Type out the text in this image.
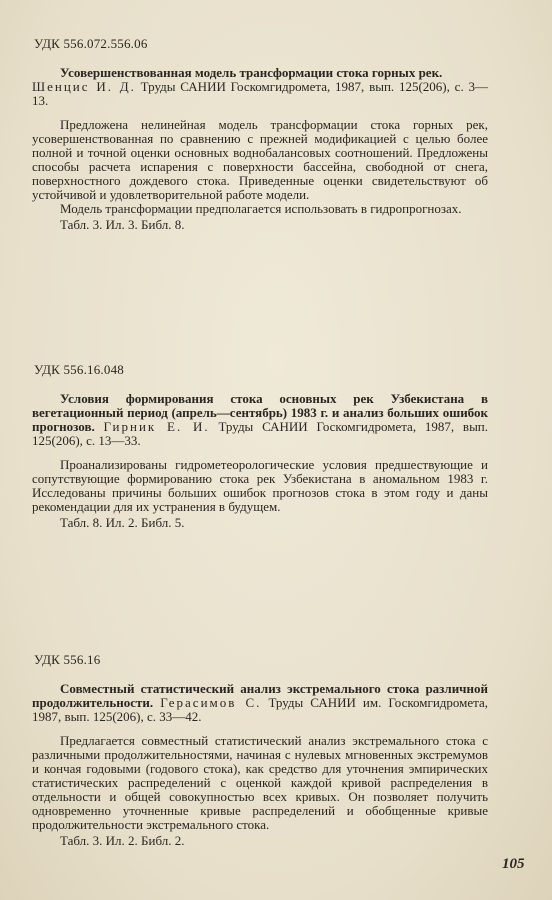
УДК 556.072.556.06

Усовершенствованная модель трансформации стока горных рек.

Шенцис И. Д. Труды САНИИ Госкомгидромета, 1987, вып. 125(206), с. 3—13.

Предложена нелинейная модель трансформации стока горных рек, усовершенствованная по сравнению с прежней модификацией с целью более полной и точной оценки основных воднобалансовых соотношений. Предложены способы расчета испарения с поверхности бассейна, свободной от снега, поверхностного дождевого стока. Приведенные оценки свидетельствуют об устойчивой и удовлетворительной работе модели.

Модель трансформации предполагается использовать в гидропрогнозах.

Табл. 3. Ил. 3. Библ. 8.

УДК 556.16.048

Условия формирования стока основных рек Узбекистана в вегетационный период (апрель—сентябрь) 1983 г. и анализ больших ошибок прогнозов. Гирник Е. И. Труды САНИИ Госкомгидромета, 1987, вып. 125(206), с. 13—33.

Проанализированы гидрометеорологические условия предшествующие и сопутствующие формированию стока рек Узбекистана в аномальном 1983 г. Исследованы причины больших ошибок прогнозов стока в этом году и даны рекомендации для их устранения в будущем.

Табл. 8. Ил. 2. Библ. 5.

УДК 556.16

Совместный статистический анализ экстремального стока различной продолжительности. Герасимов С. Труды САНИИ им. Госкомгидромета, 1987, вып. 125(206), с. 33—42.

Предлагается совместный статистический анализ экстремального стока с различными продолжительностями, начиная с нулевых мгновенных экстремумов и кончая годовыми (годового стока), как средство для уточнения эмпирических статистических распределений с оценкой каждой кривой распределения в отдельности и общей совокупностью всех кривых. Он позволяет получить одновременно уточненные кривые распределений и обобщенные кривые продолжительности экстремального стока.

Табл. 3. Ил. 2. Библ. 2.

105
